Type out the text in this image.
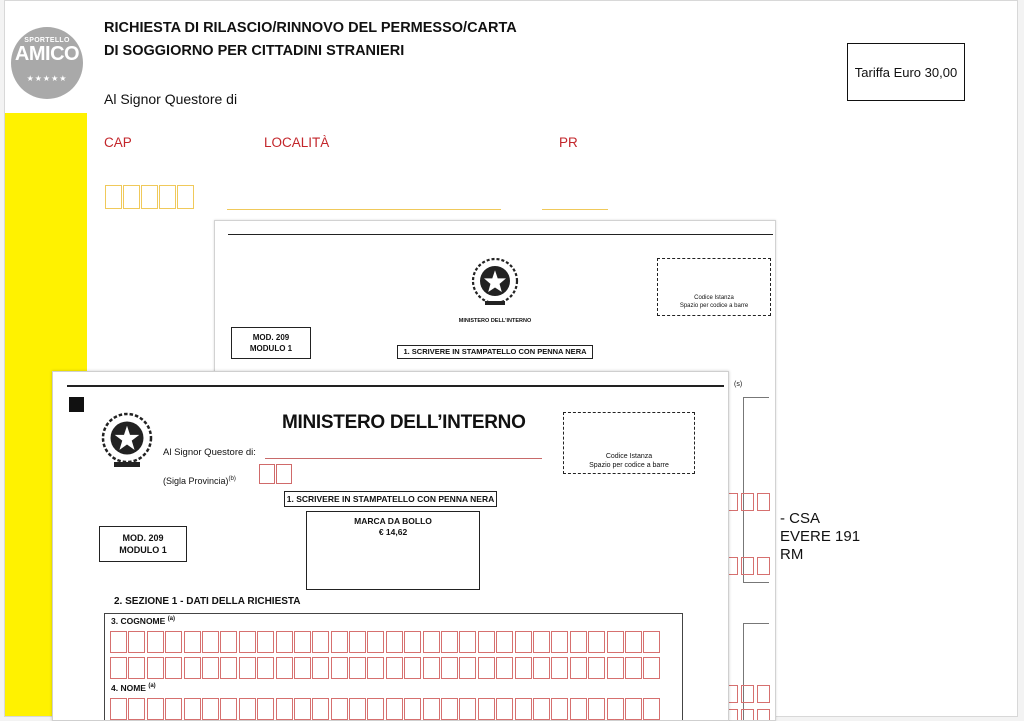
SPORTELLO
AMICO
★★★★★
RICHIESTA DI RILASCIO/RINNOVO DEL PERMESSO/CARTA
DI SOGGIORNO PER CITTADINI STRANIERI
Tariffa Euro 30,00
Al Signor Questore di
CAP	LOCALITÀ	PR
- CSA
EVERE 191
RM
MINISTERO DELL'INTERNO
Codice Istanza
Spazio per codice a barre
MOD. 209
MODULO 1	1. SCRIVERE IN STAMPATELLO CON PENNA NERA
(s)
MINISTERO DELL’INTERNO
Al Signor Questore di:
(Sigla Provincia)$^{(b)}$
Codice Istanza
Spazio per codice a barre
1. SCRIVERE IN STAMPATELLO CON PENNA NERA
MOD. 209
MODULO 1
MARCA DA BOLLO
€ 14,62
2. SEZIONE 1 - DATI DELLA RICHIESTA
3. COGNOME $^{(a)}$
4. NOME $^{(a)}$
